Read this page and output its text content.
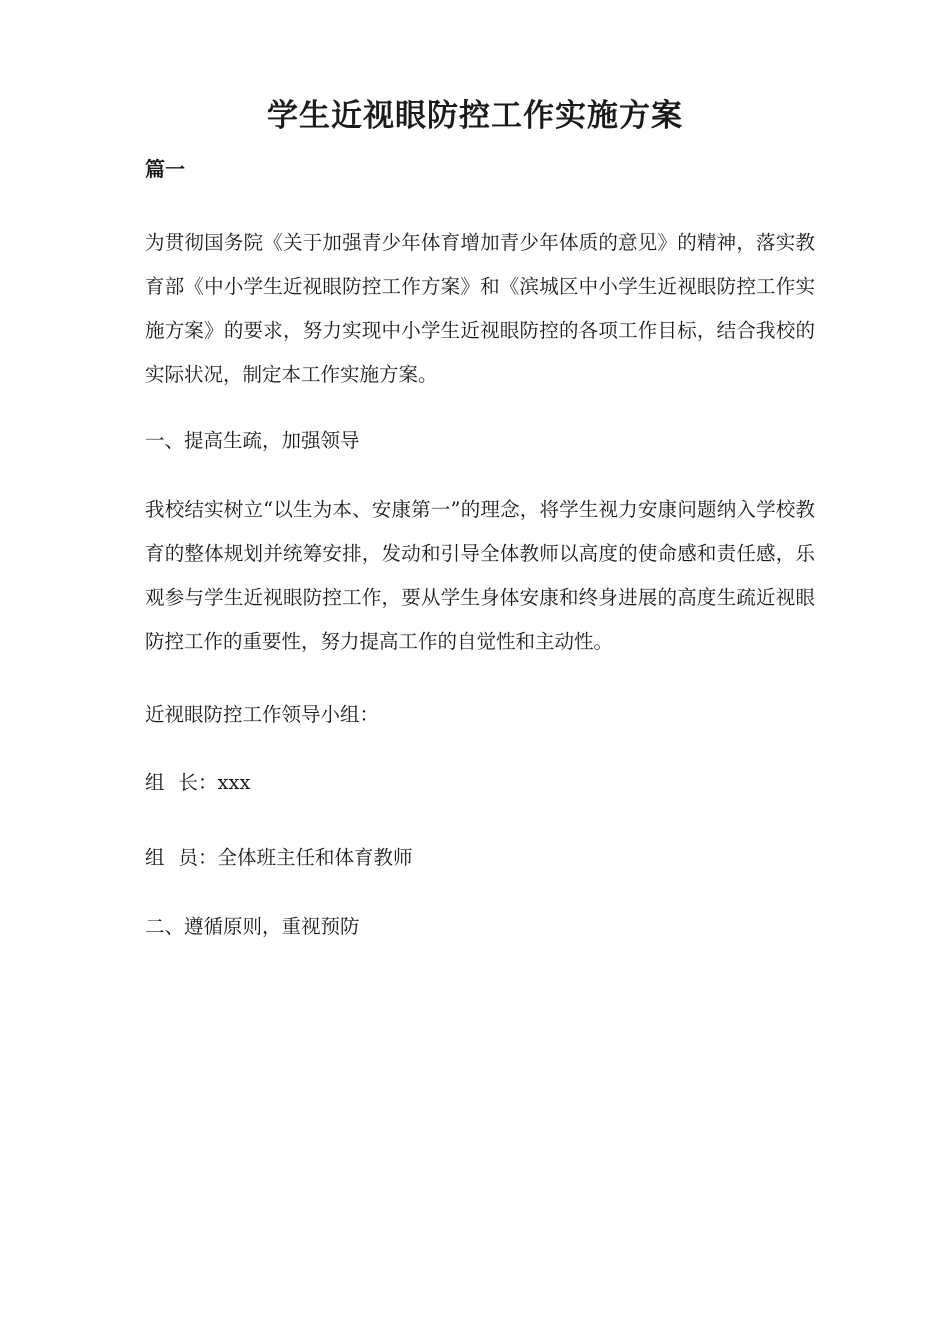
学生近视眼防控工作实施方案
篇一
为贯彻国务院《关于加强青少年体育增加青少年体质的意见》的精神，落实教育部《中小学生近视眼防控工作方案》和《滨城区中小学生近视眼防控工作实施方案》的要求，努力实现中小学生近视眼防控的各项工作目标，结合我校的实际状况，制定本工作实施方案。
一、提高生疏，加强领导
我校结实树立“以生为本、安康第一”的理念，将学生视力安康问题纳入学校教育的整体规划并统筹安排，发动和引导全体教师以高度的使命感和责任感，乐观参与学生近视眼防控工作，要从学生身体安康和终身进展的高度生疏近视眼防控工作的重要性，努力提高工作的自觉性和主动性。
近视眼防控工作领导小组：
组 长：xxx
组 员：全体班主任和体育教师
二、遵循原则，重视预防
